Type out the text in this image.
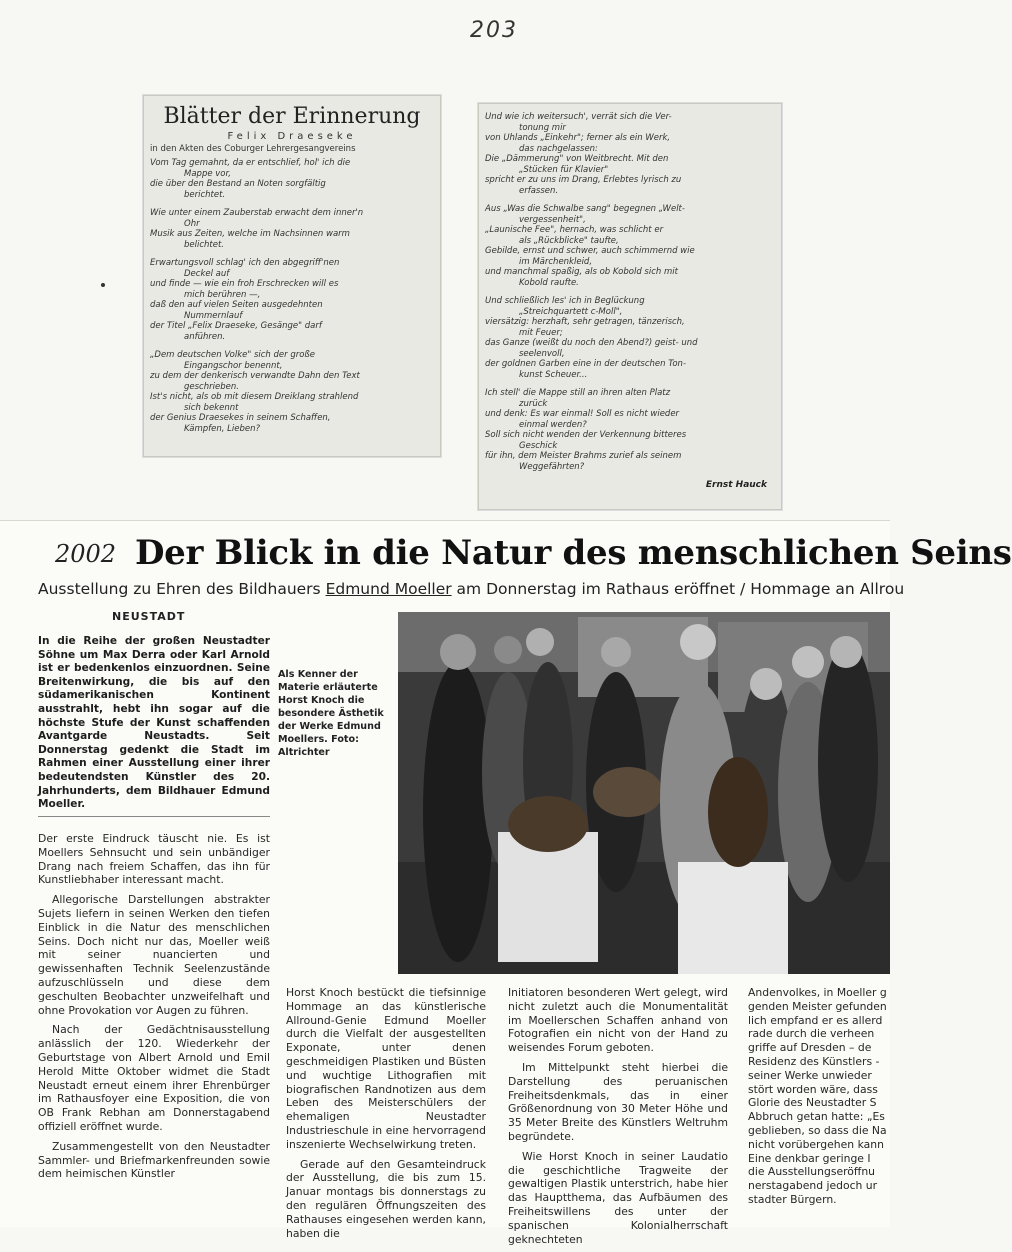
203
Blätter der Erinnerung
Felix Draeseke
in den Akten des Coburger Lehrergesangvereins
Vom Tag gemahnt, da er entschlief, hol' ich die
Mappe vor,
die über den Bestand an Noten sorgfältig
berichtet.
Wie unter einem Zauberstab erwacht dem inner'n
Ohr
Musik aus Zeiten, welche im Nachsinnen warm
belichtet.
Erwartungsvoll schlag' ich den abgegriff'nen
Deckel auf
und finde — wie ein froh Erschrecken will es
mich berühren —,
daß den auf vielen Seiten ausgedehnten
Nummernlauf
der Titel „Felix Draeseke, Gesänge" darf
anführen.
„Dem deutschen Volke" sich der große
Eingangschor benennt,
zu dem der denkerisch verwandte Dahn den Text
geschrieben.
Ist's nicht, als ob mit diesem Dreiklang strahlend
sich bekennt
der Genius Draesekes in seinem Schaffen,
Kämpfen, Lieben?
Und wie ich weitersuch', verrät sich die Ver-
tonung mir
von Uhlands „Einkehr"; ferner als ein Werk,
das nachgelassen:
Die „Dämmerung" von Weitbrecht. Mit den
„Stücken für Klavier"
spricht er zu uns im Drang, Erlebtes lyrisch zu
erfassen.
Aus „Was die Schwalbe sang" begegnen „Welt-
vergessenheit",
„Launische Fee", hernach, was schlicht er
als „Rückblicke" taufte,
Gebilde, ernst und schwer, auch schimmernd wie
im Märchenkleid,
und manchmal spaßig, als ob Kobold sich mit
Kobold raufte.
Und schließlich les' ich in Beglückung
„Streichquartett c-Moll",
viersätzig: herzhaft, sehr getragen, tänzerisch,
mit Feuer;
das Ganze (weißt du noch den Abend?) geist- und
seelenvoll,
der goldnen Garben eine in der deutschen Ton-
kunst Scheuer...
Ich stell' die Mappe still an ihren alten Platz
zurück
und denk: Es war einmal! Soll es nicht wieder
einmal werden?
Soll sich nicht wenden der Verkennung bitteres
Geschick
für ihn, dem Meister Brahms zurief als seinem
Weggefährten?
Ernst Hauck
2002 Der Blick in die Natur des menschlichen Seins
Ausstellung zu Ehren des Bildhauers Edmund Moeller am Donnerstag im Rathaus eröffnet / Hommage an Allrou
NEUSTADT
In die Reihe der großen Neustadter Söhne um Max Derra oder Karl Arnold ist er bedenkenlos einzuordnen. Seine Breitenwirkung, die bis auf den südamerikanischen Kontinent ausstrahlt, hebt ihn sogar auf die höchste Stufe der Kunst schaffenden Avantgarde Neustadts. Seit Donnerstag gedenkt die Stadt im Rahmen einer Ausstellung einer ihrer bedeutendsten Künstler des 20. Jahrhunderts, dem Bildhauer Edmund Moeller.
Als Kenner der Materie erläuterte Horst Knoch die besondere Ästhetik der Werke Edmund Moellers. Foto: Altrichter

Der erste Eindruck täuscht nie. Es ist Moellers Sehnsucht und sein unbändiger Drang nach freiem Schaffen, das ihn für Kunstliebhaber interessant macht.

Allegorische Darstellungen abstrakter Sujets liefern in seinen Werken den tiefen Einblick in die Natur des menschlichen Seins. Doch nicht nur das, Moeller weiß mit seiner nuancierten und gewissenhaften Technik Seelenzustände aufzuschlüsseln und diese dem geschulten Beobachter unzweifelhaft und ohne Provokation vor Augen zu führen.

Nach der Gedächtnisausstellung anlässlich der 120. Wiederkehr der Geburtstage von Albert Arnold und Emil Herold Mitte Oktober widmet die Stadt Neustadt erneut einem ihrer Ehrenbürger im Rathausfoyer eine Exposition, die von OB Frank Rebhan am Donnerstagabend offiziell eröffnet wurde.

Zusammengestellt von den Neustadter Sammler- und Briefmarkenfreunden sowie dem heimischen Künstler

Horst Knoch bestückt die tiefsinnige Hommage an das künstlerische Allround-Genie Edmund Moeller durch die Vielfalt der ausgestellten Exponate, unter denen geschmeidigen Plastiken und Büsten und wuchtige Lithografien mit biografischen Randnotizen aus dem Leben des Meisterschülers der ehemaligen Neustadter Industrieschule in eine hervorragend inszenierte Wechselwirkung treten.

Gerade auf den Gesamteindruck der Ausstellung, die bis zum 15. Januar montags bis donnerstags zu den regulären Öffnungszeiten des Rathauses eingesehen werden kann, haben die

Initiatoren besonderen Wert gelegt, wird nicht zuletzt auch die Monumentalität im Moellerschen Schaffen anhand von Fotografien ein nicht von der Hand zu weisendes Forum geboten.

Im Mittelpunkt steht hierbei die Darstellung des peruanischen Freiheitsdenkmals, das in einer Größenordnung von 30 Meter Höhe und 35 Meter Breite des Künstlers Weltruhm begründete.

Wie Horst Knoch in seiner Laudatio die geschichtliche Tragweite der gewaltigen Plastik unterstrich, habe hier das Hauptthema, das Aufbäumen des Freiheitswillens des unter der spanischen Kolonialherrschaft geknechteten

Andenvolkes, in Moeller g
genden Meister gefunden
lich empfand er es allerd
rade durch die verheen
griffe auf Dresden – de
Residenz des Künstlers -
seiner Werke unwieder
stört worden wäre, dass
Glorie des Neustadter S
Abbruch getan hatte: „Es
geblieben, so dass die Na
nicht vorübergehen kann
Eine denkbar geringe I
die Ausstellungseröffnu
nerstagabend jedoch ur
stadter Bürgern.
